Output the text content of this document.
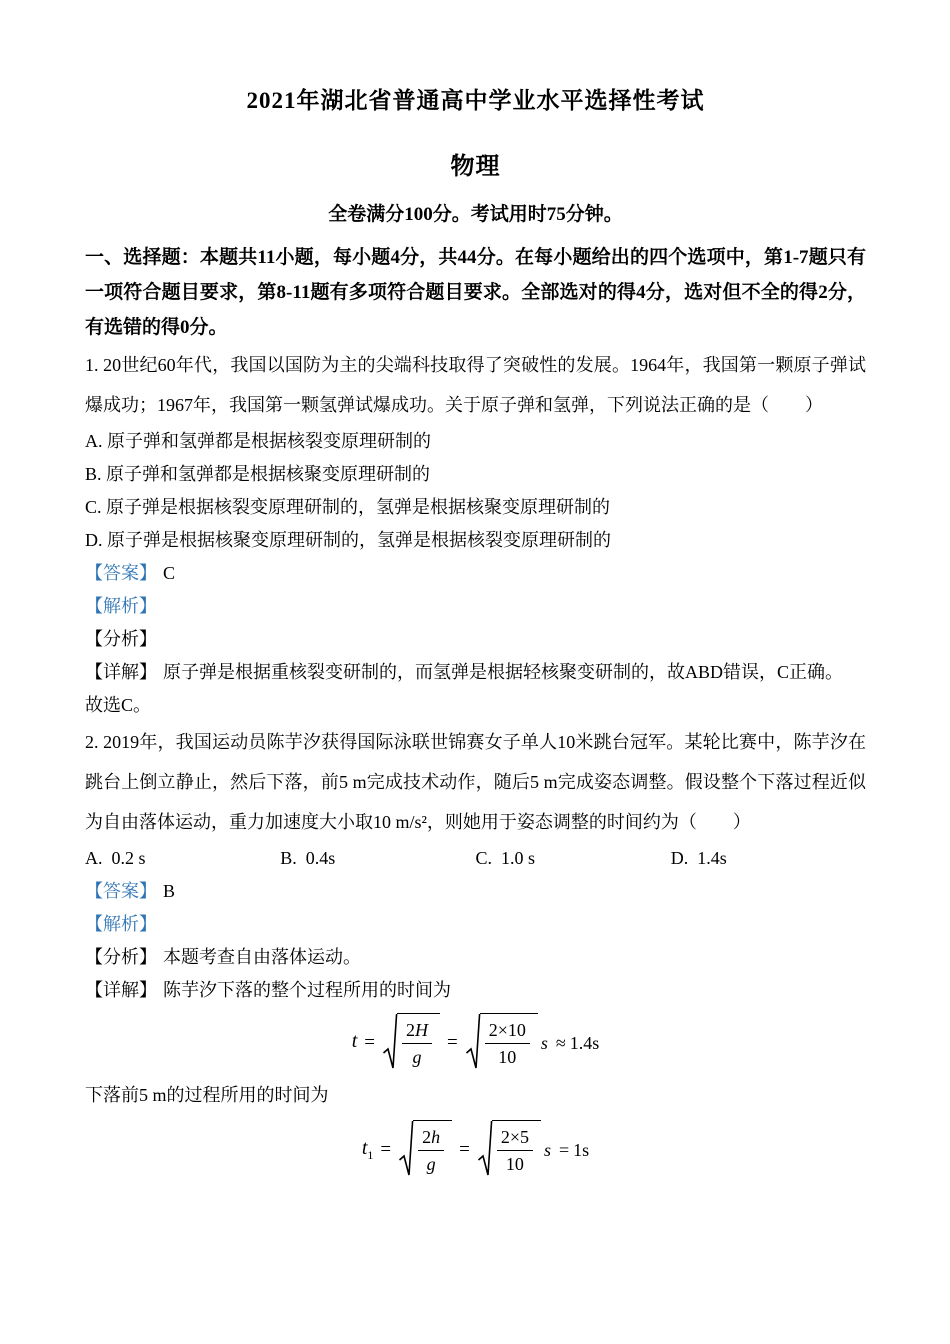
2021年湖北省普通高中学业水平选择性考试
物理

全卷满分100分。考试用时75分钟。

一、选择题：本题共11小题，每小题4分，共44分。在每小题给出的四个选项中，第1-7题只有一项符合题目要求，第8-11题有多项符合题目要求。全部选对的得4分，选对但不全的得2分，有选错的得0分。

1. 20世纪60年代，我国以国防为主的尖端科技取得了突破性的发展。1964年，我国第一颗原子弹试爆成功；1967年，我国第一颗氢弹试爆成功。关于原子弹和氢弹，下列说法正确的是（　　）

A. 原子弹和氢弹都是根据核裂变原理研制的

B. 原子弹和氢弹都是根据核聚变原理研制的

C. 原子弹是根据核裂变原理研制的，氢弹是根据核聚变原理研制的

D. 原子弹是根据核聚变原理研制的，氢弹是根据核裂变原理研制的

【答案】 C

【解析】

【分析】

【详解】 原子弹是根据重核裂变研制的，而氢弹是根据轻核聚变研制的，故ABD错误，C正确。

故选C。

2. 2019年，我国运动员陈芋汐获得国际泳联世锦赛女子单人10米跳台冠军。某轮比赛中，陈芋汐在跳台上倒立静止，然后下落，前5 m完成技术动作，随后5 m完成姿态调整。假设整个下落过程近似为自由落体运动，重力加速度大小取10 m/s²，则她用于姿态调整的时间约为（　　）

A.  0.2 s	B.  0.4s	C.  1.0 s	D.  1.4s

【答案】 B

【解析】

【分析】 本题考查自由落体运动。

【详解】 陈芋汐下落的整个过程所用的时间为

$t = \frac{2H}{g} = \frac{2\times 10}{10}$ s ≈ 1.4s

下落前5 m的过程所用的时间为

$t_1 = \frac{2h}{g} = \frac{2\times 5}{10}$ s = 1s
